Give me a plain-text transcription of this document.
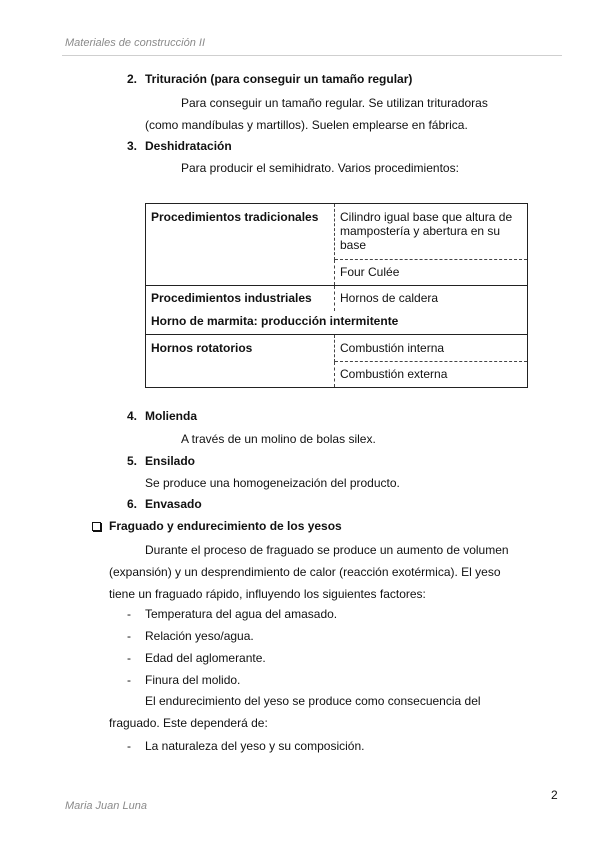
Materiales de construcción II
2
Maria Juan Luna
2. Trituración (para conseguir un tamaño regular)
Para conseguir un tamaño regular. Se utilizan trituradoras
(como mandíbulas y martillos). Suelen emplearse en fábrica.
3. Deshidratación
Para producir el semihidrato. Varios procedimientos:
Procedimientos tradicionales	Cilindro igual base que altura de mampostería y abertura en su base
	Four Culée
Procedimientos industriales	Hornos de caldera
Horno de marmita: producción intermitente	
Hornos rotatorios	Combustión interna
	Combustión externa
4. Molienda
A través de un molino de bolas silex.
5. Ensilado
Se produce una homogeneización del producto.
6. Envasado
Fraguado y endurecimiento de los yesos
Durante el proceso de fraguado se produce un aumento de volumen
(expansión) y un desprendimiento de calor (reacción exotérmica). El yeso
tiene un fraguado rápido, influyendo los siguientes factores:
- Temperatura del agua del amasado.
- Relación yeso/agua.
- Edad del aglomerante.
- Finura del molido.
El endurecimiento del yeso se produce como consecuencia del
fraguado. Este dependerá de:
- La naturaleza del yeso y su composición.
